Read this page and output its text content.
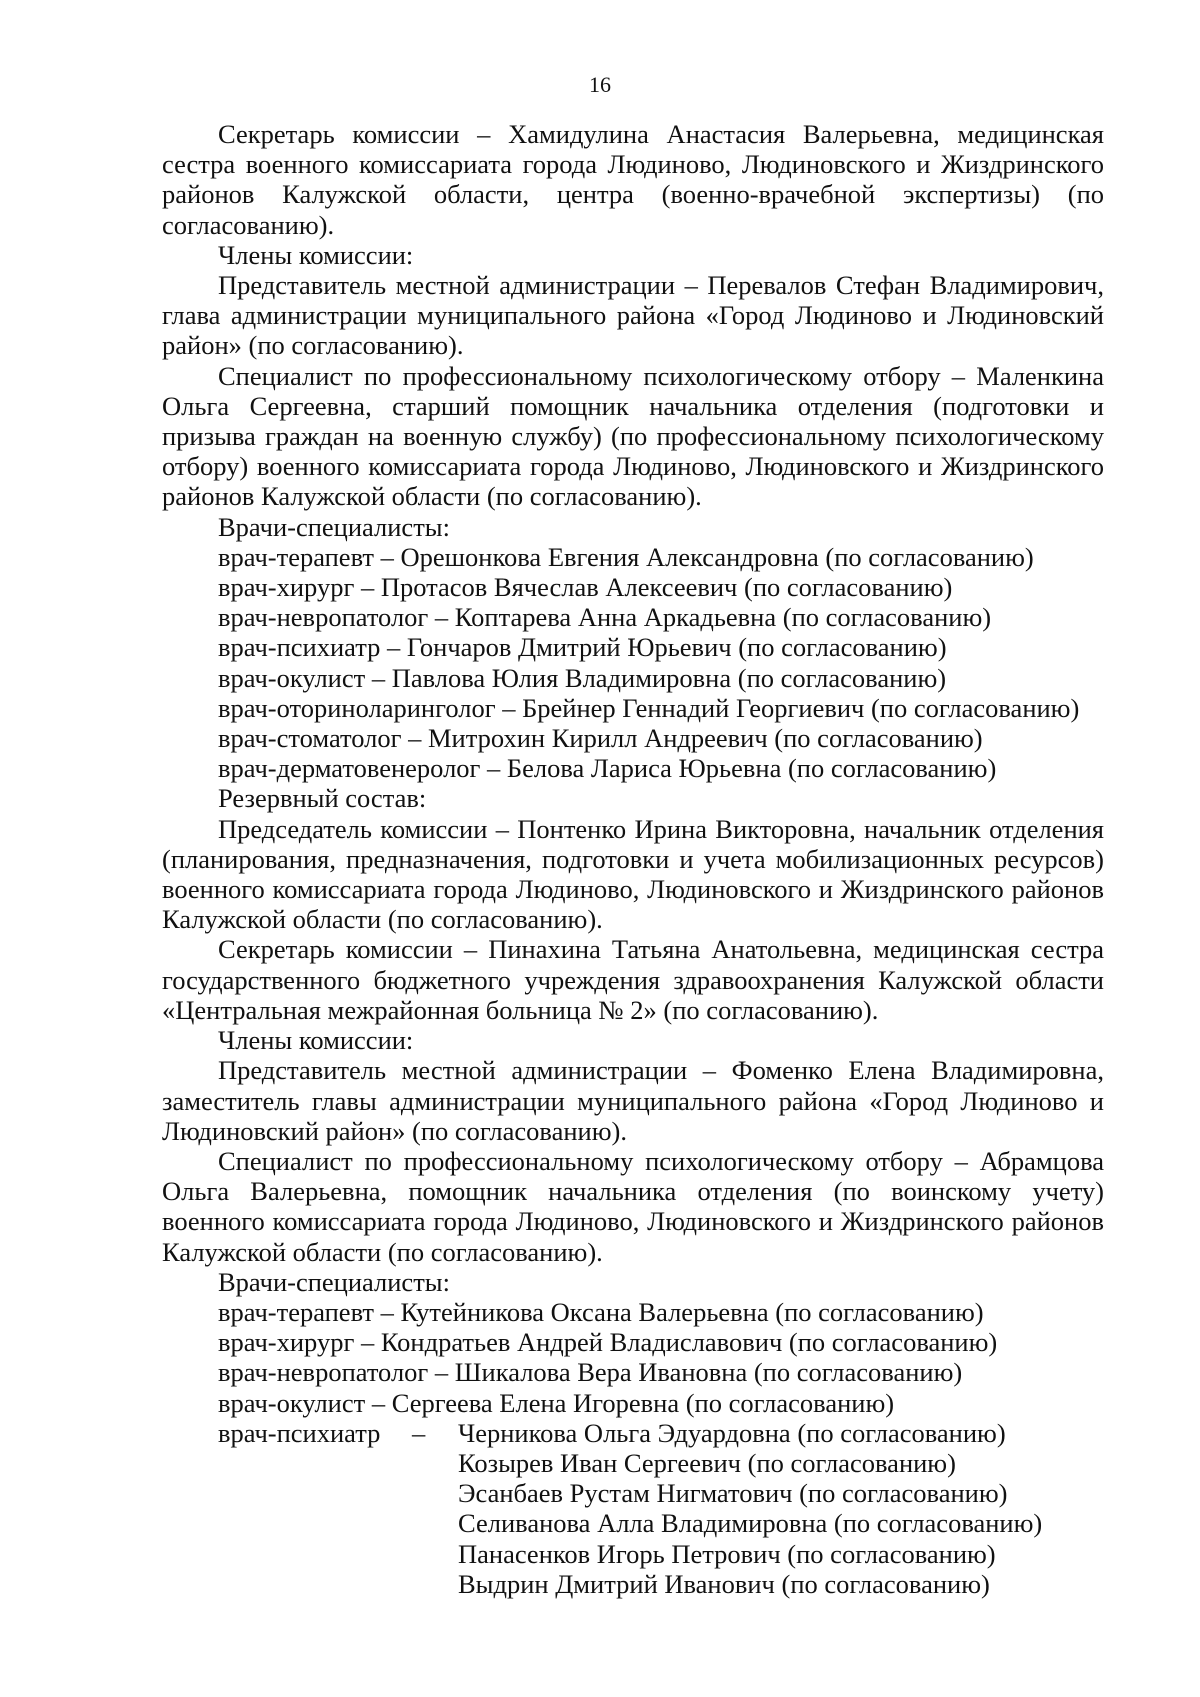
16

Секретарь комиссии – Хамидулина Анастасия Валерьевна, медицинская сестра военного комиссариата города Людиново, Людиновского и Жиздринского районов Калужской области, центра (военно-врачебной экспертизы) (по согласованию).

Члены комиссии:

Представитель местной администрации – Перевалов Стефан Владимирович, глава администрации муниципального района «Город Людиново и Людиновский район» (по согласованию).

Специалист по профессиональному психологическому отбору – Маленкина Ольга Сергеевна, старший помощник начальника отделения (подготовки и призыва граждан на военную службу) (по профессиональному психологическому отбору) военного комиссариата города Людиново, Людиновского и Жиздринского районов Калужской области (по согласованию).

Врачи-специалисты:

врач-терапевт – Орешонкова Евгения Александровна (по согласованию)
врач-хирург – Протасов Вячеслав Алексеевич (по согласованию)
врач-невропатолог – Коптарева Анна Аркадьевна (по согласованию)
врач-психиатр – Гончаров Дмитрий Юрьевич (по согласованию)
врач-окулист – Павлова Юлия Владимировна (по согласованию)
врач-оториноларинголог – Брейнер Геннадий Георгиевич (по согласованию)
врач-стоматолог – Митрохин Кирилл Андреевич (по согласованию)
врач-дерматовенеролог – Белова Лариса Юрьевна (по согласованию)

Резервный состав:

Председатель комиссии – Понтенко Ирина Викторовна, начальник отделения (планирования, предназначения, подготовки и учета мобилизационных ресурсов) военного комиссариата города Людиново, Людиновского и Жиздринского районов Калужской области (по согласованию).

Секретарь комиссии – Пинахина Татьяна Анатольевна, медицинская сестра государственного бюджетного учреждения здравоохранения Калужской области «Центральная межрайонная больница № 2» (по согласованию).

Члены комиссии:

Представитель местной администрации – Фоменко Елена Владимировна, заместитель главы администрации муниципального района «Город Людиново и Людиновский район» (по согласованию).

Специалист по профессиональному психологическому отбору – Абрамцова Ольга Валерьевна, помощник начальника отделения (по воинскому учету) военного комиссариата города Людиново, Людиновского и Жиздринского районов Калужской области (по согласованию).

Врачи-специалисты:

врач-терапевт – Кутейникова Оксана Валерьевна (по согласованию)
врач-хирург – Кондратьев Андрей Владиславович (по согласованию)
врач-невропатолог – Шикалова Вера Ивановна (по согласованию)
врач-окулист – Сергеева Елена Игоревна (по согласованию)
врач-психиатр	–	Черникова Ольга Эдуардовна (по согласованию)
Козырев Иван Сергеевич (по согласованию)
Эсанбаев Рустам Нигматович (по согласованию)
Селиванова Алла Владимировна (по согласованию)
Панасенков Игорь Петрович (по согласованию)
Выдрин Дмитрий Иванович (по согласованию)
